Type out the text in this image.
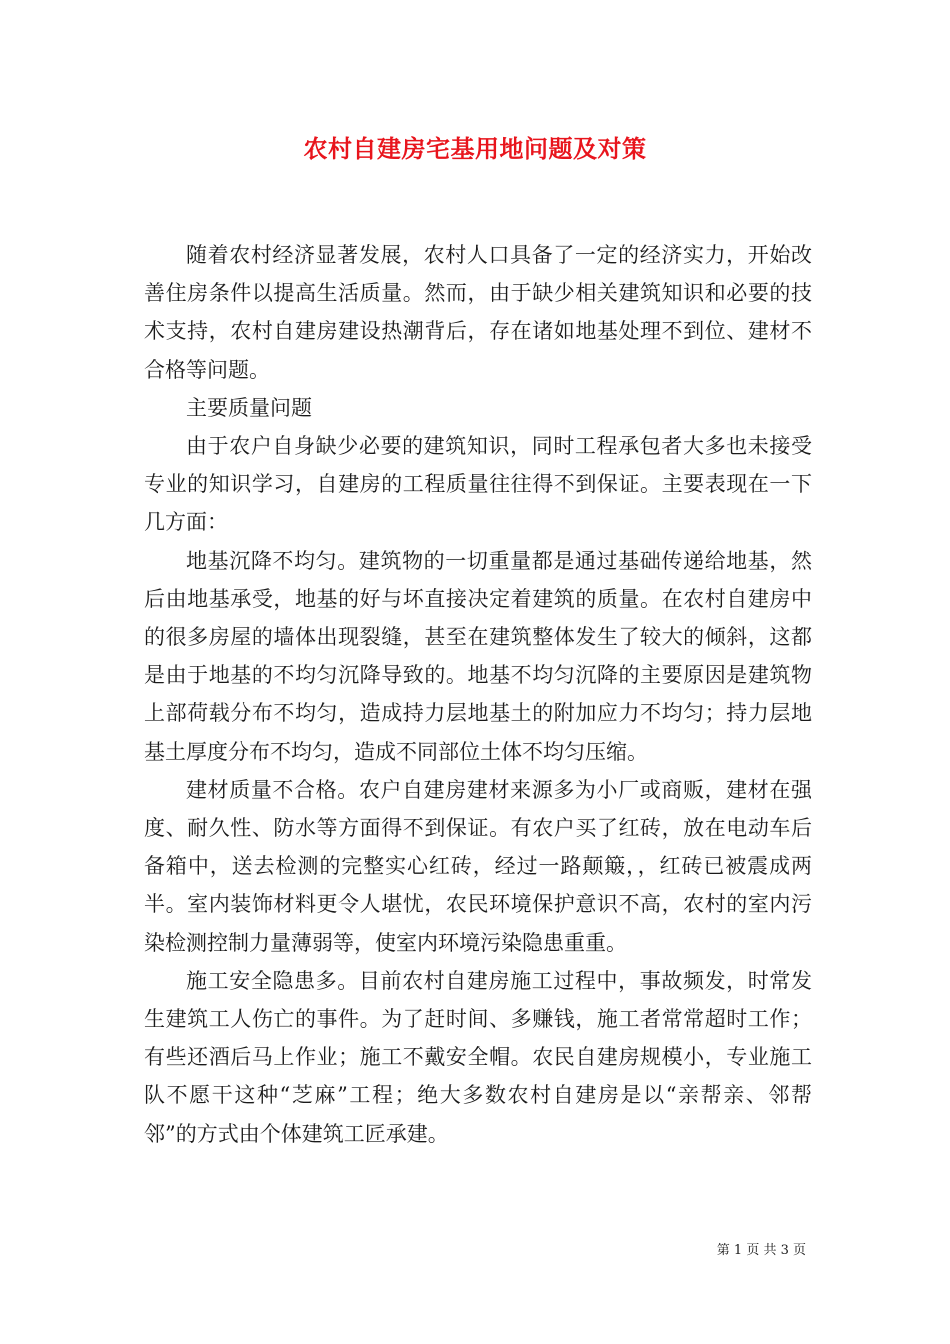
农村自建房宅基用地问题及对策

随着农村经济显著发展，农村人口具备了一定的经济实力，开始改善住房条件以提高生活质量。然而，由于缺少相关建筑知识和必要的技术支持，农村自建房建设热潮背后，存在诸如地基处理不到位、建材不合格等问题。

主要质量问题

由于农户自身缺少必要的建筑知识，同时工程承包者大多也未接受专业的知识学习，自建房的工程质量往往得不到保证。主要表现在一下几方面：

地基沉降不均匀。建筑物的一切重量都是通过基础传递给地基，然后由地基承受，地基的好与坏直接决定着建筑的质量。在农村自建房中的很多房屋的墙体出现裂缝，甚至在建筑整体发生了较大的倾斜，这都是由于地基的不均匀沉降导致的。地基不均匀沉降的主要原因是建筑物上部荷载分布不均匀，造成持力层地基土的附加应力不均匀；持力层地基土厚度分布不均匀，造成不同部位土体不均匀压缩。

建材质量不合格。农户自建房建材来源多为小厂或商贩，建材在强度、耐久性、防水等方面得不到保证。有农户买了红砖，放在电动车后备箱中，送去检测的完整实心红砖，经过一路颠簸，，红砖已被震成两半。室内装饰材料更令人堪忧，农民环境保护意识不高，农村的室内污染检测控制力量薄弱等，使室内环境污染隐患重重。

施工安全隐患多。目前农村自建房施工过程中，事故频发，时常发生建筑工人伤亡的事件。为了赶时间、多赚钱，施工者常常超时工作；有些还酒后马上作业；施工不戴安全帽。农民自建房规模小，专业施工队不愿干这种“芝麻”工程；绝大多数农村自建房是以“亲帮亲、邻帮邻”的方式由个体建筑工匠承建。

第 1 页 共 3 页
